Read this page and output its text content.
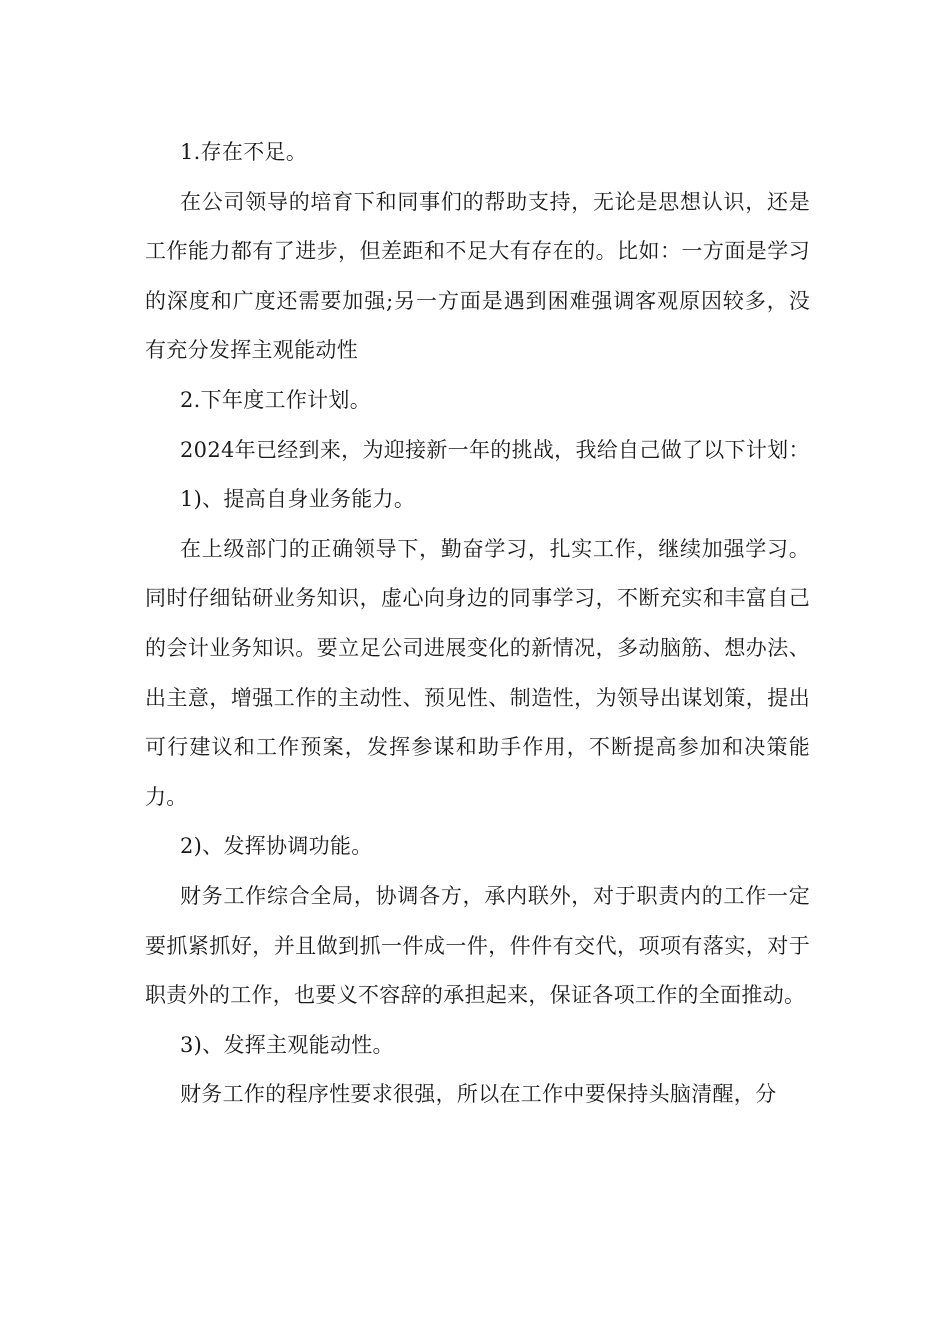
1.存在不足。

在公司领导的培育下和同事们的帮助支持，无论是思想认识，还是工作能力都有了进步，但差距和不足大有存在的。比如：一方面是学习的深度和广度还需要加强;另一方面是遇到困难强调客观原因较多，没有充分发挥主观能动性

2.下年度工作计划。

2024年已经到来，为迎接新一年的挑战，我给自己做了以下计划：

1)、提高自身业务能力。

在上级部门的正确领导下，勤奋学习，扎实工作，继续加强学习。同时仔细钻研业务知识，虚心向身边的同事学习，不断充实和丰富自己的会计业务知识。要立足公司进展变化的新情况，多动脑筋、想办法、出主意，增强工作的主动性、预见性、制造性，为领导出谋划策，提出可行建议和工作预案，发挥参谋和助手作用，不断提高参加和决策能力。

2)、发挥协调功能。

财务工作综合全局，协调各方，承内联外，对于职责内的工作一定要抓紧抓好，并且做到抓一件成一件，件件有交代，项项有落实，对于职责外的工作，也要义不容辞的承担起来，保证各项工作的全面推动。

3)、发挥主观能动性。

财务工作的程序性要求很强，所以在工作中要保持头脑清醒，分
